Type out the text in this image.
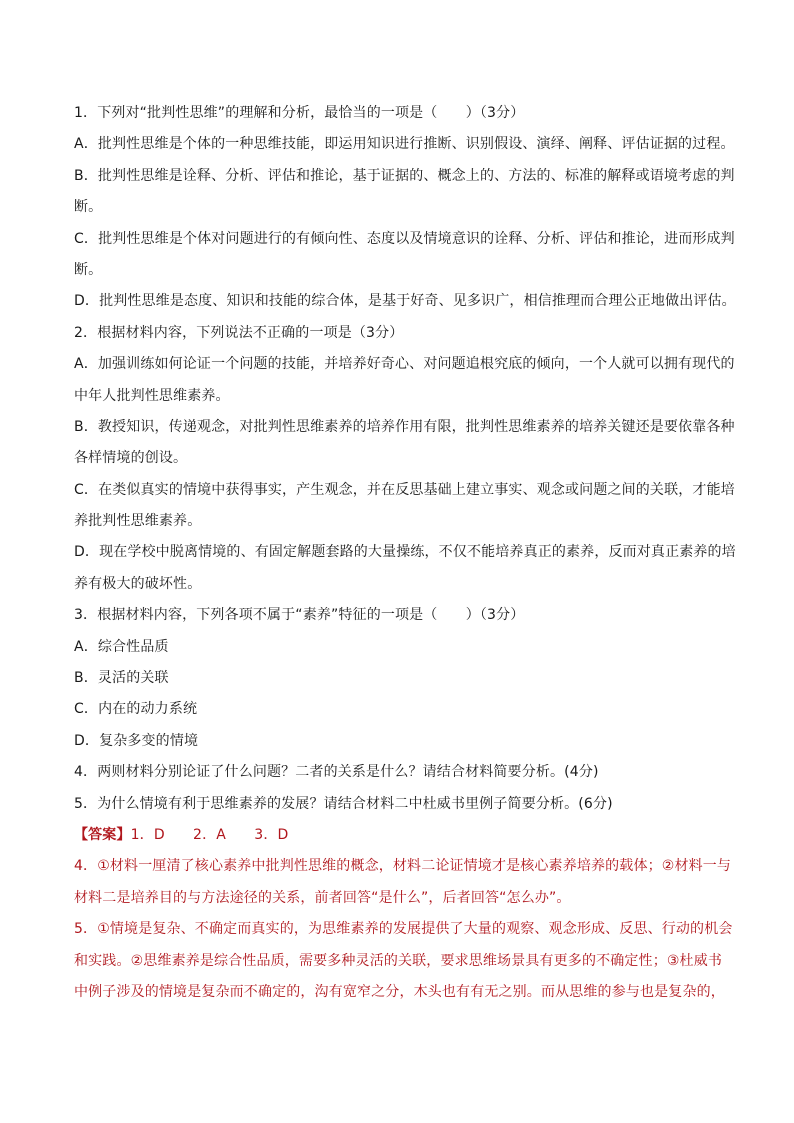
1．下列对“批判性思维”的理解和分析，最恰当的一项是（　　）（3分）
A．批判性思维是个体的一种思维技能，即运用知识进行推断、识别假设、演绎、阐释、评估证据的过程。
B．批判性思维是诠释、分析、评估和推论，基于证据的、概念上的、方法的、标准的解释或语境考虑的判
断。
C．批判性思维是个体对问题进行的有倾向性、态度以及情境意识的诠释、分析、评估和推论，进而形成判
断。
D．批判性思维是态度、知识和技能的综合体，是基于好奇、见多识广，相信推理而合理公正地做出评估。
2．根据材料内容，下列说法不正确的一项是（3分）
A．加强训练如何论证一个问题的技能，并培养好奇心、对问题追根究底的倾向，一个人就可以拥有现代的
中年人批判性思维素养。
B．教授知识，传递观念，对批判性思维素养的培养作用有限，批判性思维素养的培养关键还是要依靠各种
各样情境的创设。
C．在类似真实的情境中获得事实，产生观念，并在反思基础上建立事实、观念或问题之间的关联，才能培
养批判性思维素养。
D．现在学校中脱离情境的、有固定解题套路的大量操练，不仅不能培养真正的素养，反而对真正素养的培
养有极大的破坏性。
3．根据材料内容，下列各项不属于“素养”特征的一项是（　　）（3分）
A．综合性品质
B．灵活的关联
C．内在的动力系统
D．复杂多变的情境
4．两则材料分别论证了什么问题？二者的关系是什么？请结合材料简要分析。(4分)
5．为什么情境有利于思维素养的发展？请结合材料二中杜威书里例子简要分析。(6分)
【答案】1．D　　2．A　　3．D
4．①材料一厘清了核心素养中批判性思维的概念，材料二论证情境才是核心素养培养的载体；②材料一与
材料二是培养目的与方法途径的关系，前者回答“是什么”，后者回答“怎么办”。
5．①情境是复杂、不确定而真实的，为思维素养的发展提供了大量的观察、观念形成、反思、行动的机会
和实践。②思维素养是综合性品质，需要多种灵活的关联，要求思维场景具有更多的不确定性；③杜威书
中例子涉及的情境是复杂而不确定的，沟有宽窄之分，木头也有有无之别。而从思维的参与也是复杂的，
